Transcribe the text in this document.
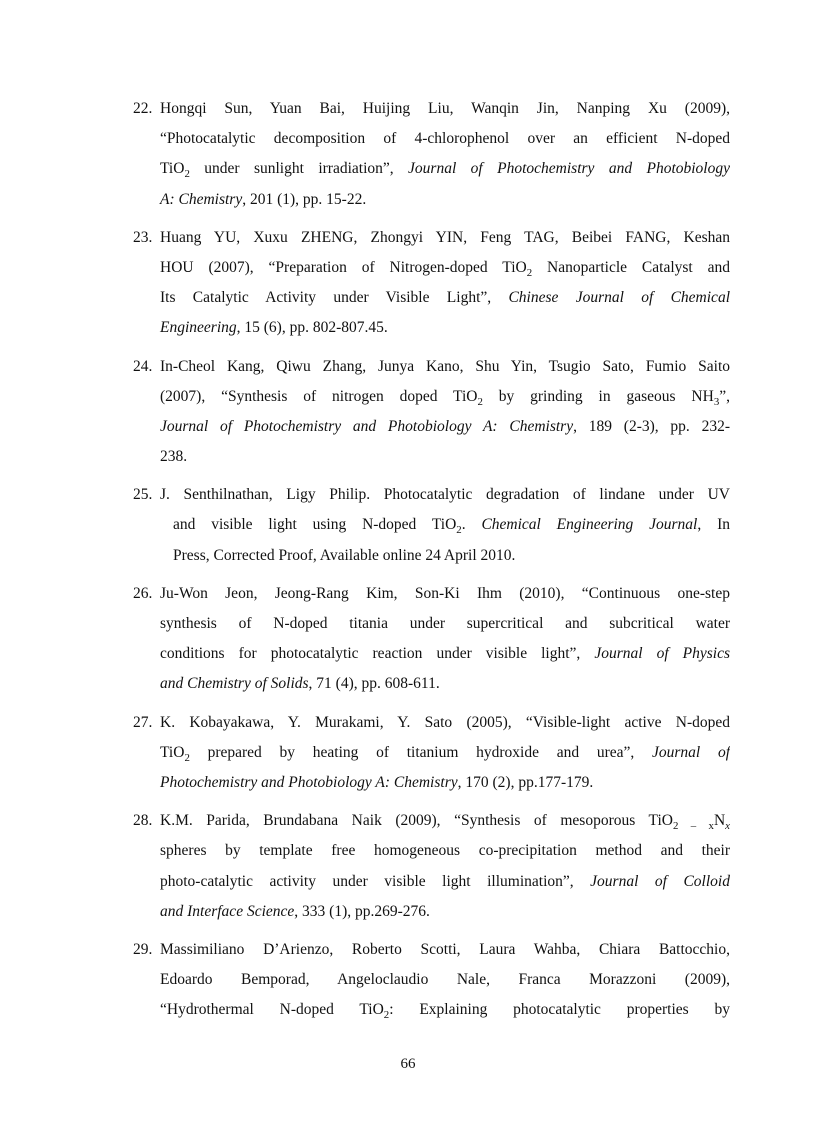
22. Hongqi Sun, Yuan Bai, Huijing Liu, Wanqin Jin, Nanping Xu (2009),
“Photocatalytic decomposition of 4-chlorophenol over an efficient N-doped
TiO$_2$ under sunlight irradiation”, Journal of Photochemistry and Photobiology
A: Chemistry, 201 (1), pp. 15-22.
23. Huang YU, Xuxu ZHENG, Zhongyi YIN, Feng TAG, Beibei FANG, Keshan
HOU (2007), “Preparation of Nitrogen-doped TiO$_2$ Nanoparticle Catalyst and
Its Catalytic Activity under Visible Light”, Chinese Journal of Chemical
Engineering, 15 (6), pp. 802-807.45.
24. In-Cheol Kang, Qiwu Zhang, Junya Kano, Shu Yin, Tsugio Sato, Fumio Saito
(2007), “Synthesis of nitrogen doped TiO$_2$ by grinding in gaseous $NH_3$”,
Journal of Photochemistry and Photobiology A: Chemistry, 189 (2-3), pp. 232-
238.
25. J. Senthilnathan, Ligy Philip. Photocatalytic degradation of lindane under UV
and visible light using N-doped TiO$_2$. Chemical Engineering Journal, In
Press, Corrected Proof, Available online 24 April 2010.
26. Ju-Won Jeon, Jeong-Rang Kim, Son-Ki Ihm (2010), “Continuous one-step
synthesis of N-doped titania under supercritical and subcritical water
conditions for photocatalytic reaction under visible light”, Journal of Physics
and Chemistry of Solids, 71 (4), pp. 608-611.
27. K. Kobayakawa, Y. Murakami, Y. Sato (2005), “Visible-light active N-doped
TiO$_2$ prepared by heating of titanium hydroxide and urea”, Journal of
Photochemistry and Photobiology A: Chemistry, 170 (2), pp.177-179.
28. K.M. Parida, Brundabana Naik (2009), “Synthesis of mesoporous $TiO_{2 - x}N_x$
spheres by template free homogeneous co-precipitation method and their
photo-catalytic activity under visible light illumination”, Journal of Colloid
and Interface Science, 333 (1), pp.269-276.
29. Massimiliano D’Arienzo, Roberto Scotti, Laura Wahba, Chiara Battocchio,
Edoardo Bemporad, Angeloclaudio Nale, Franca Morazzoni (2009),
“Hydrothermal N-doped TiO$_2$: Explaining photocatalytic properties by
66
